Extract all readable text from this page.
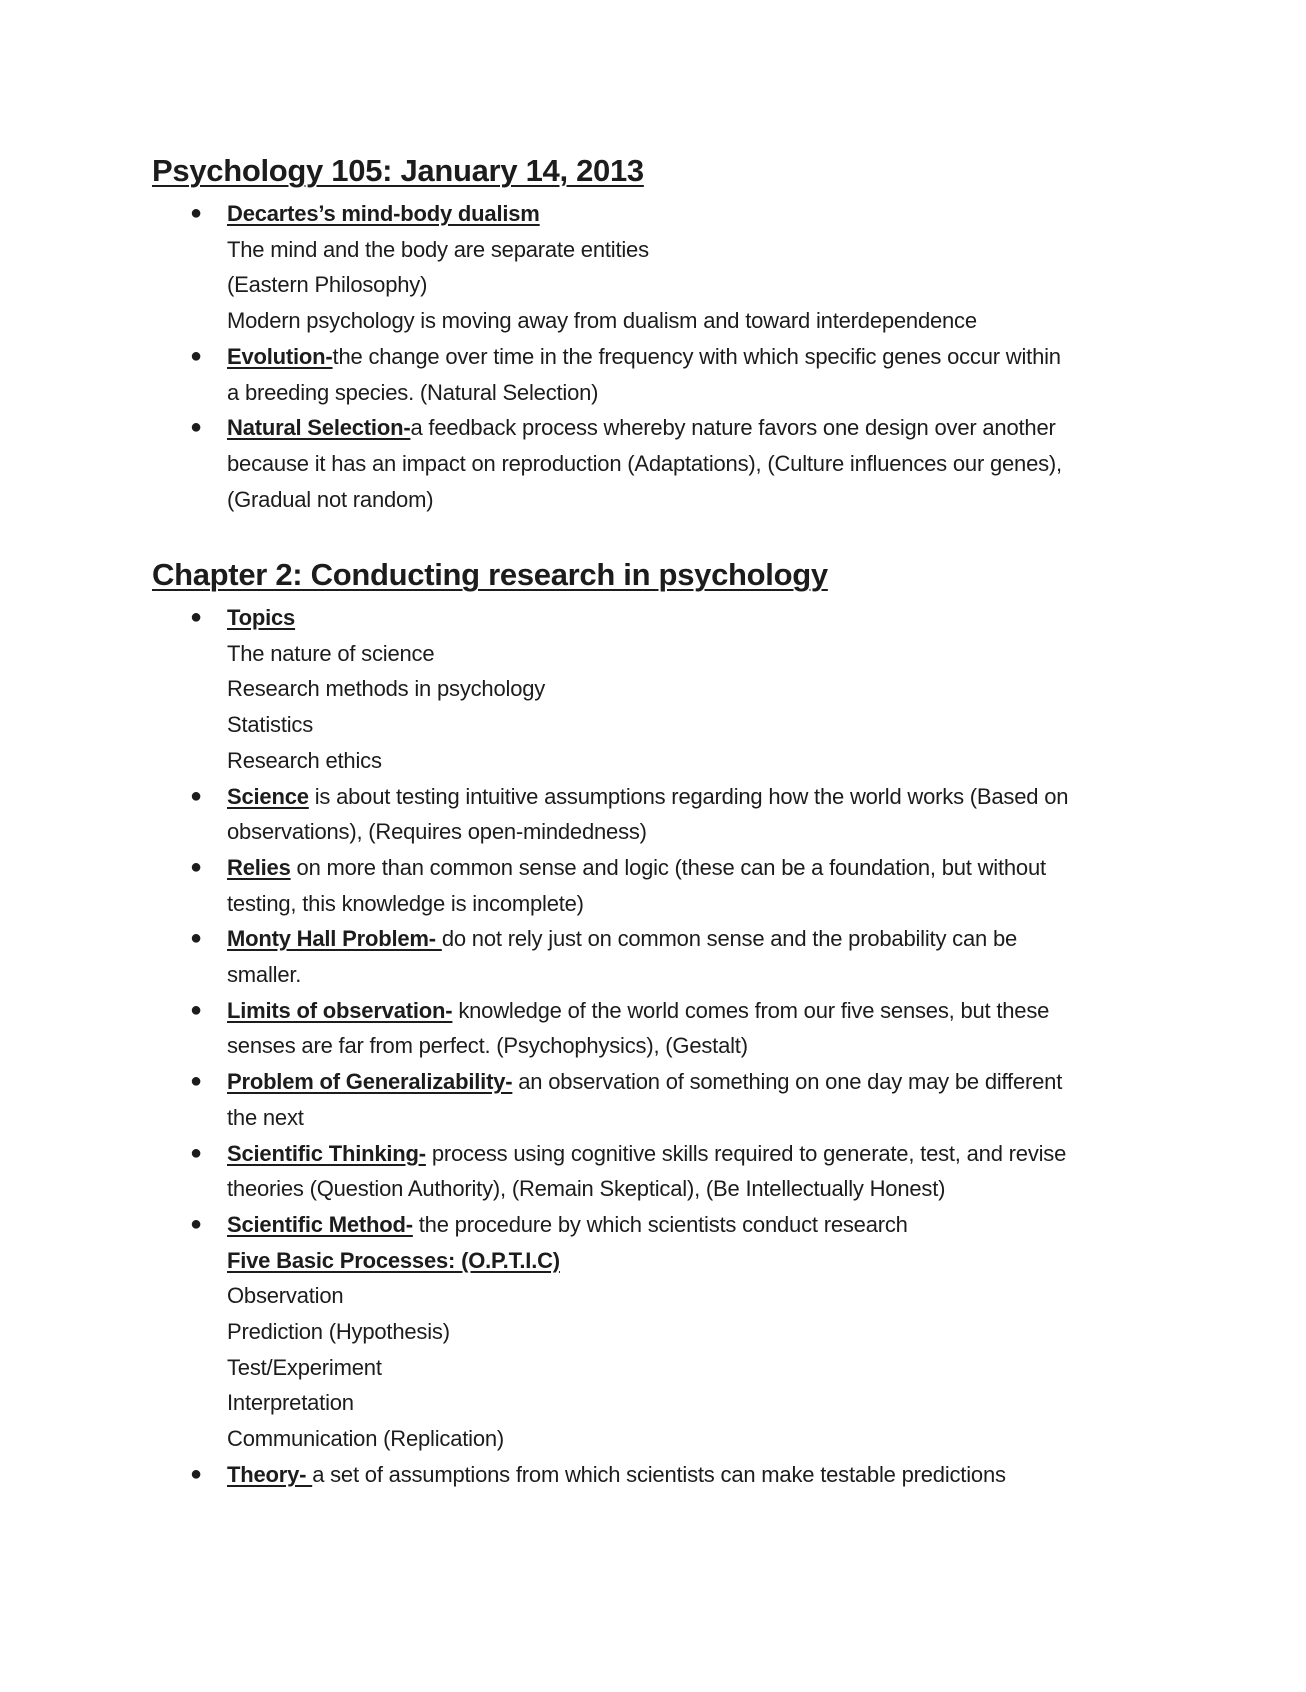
Psychology 105: January 14, 2013
● Decartes’s mind-body dualism
The mind and the body are separate entities
(Eastern Philosophy)
Modern psychology is moving away from dualism and toward interdependence
● Evolution-the change over time in the frequency with which specific genes occur within
a breeding species. (Natural Selection)
● Natural Selection-a feedback process whereby nature favors one design over another
because it has an impact on reproduction (Adaptations), (Culture influences our genes),
(Gradual not random)
Chapter 2: Conducting research in psychology
● Topics
The nature of science
Research methods in psychology
Statistics
Research ethics
● Science is about testing intuitive assumptions regarding how the world works (Based on
observations), (Requires open-mindedness)
● Relies on more than common sense and logic (these can be a foundation, but without
testing, this knowledge is incomplete)
● Monty Hall Problem- do not rely just on common sense and the probability can be
smaller.
● Limits of observation- knowledge of the world comes from our five senses, but these
senses are far from perfect. (Psychophysics), (Gestalt)
● Problem of Generalizability- an observation of something on one day may be different
the next
● Scientific Thinking- process using cognitive skills required to generate, test, and revise
theories (Question Authority), (Remain Skeptical), (Be Intellectually Honest)
● Scientific Method- the procedure by which scientists conduct research
Five Basic Processes: (O.P.T.I.C)
Observation
Prediction (Hypothesis)
Test/Experiment
Interpretation
Communication (Replication)
● Theory- a set of assumptions from which scientists can make testable predictions
